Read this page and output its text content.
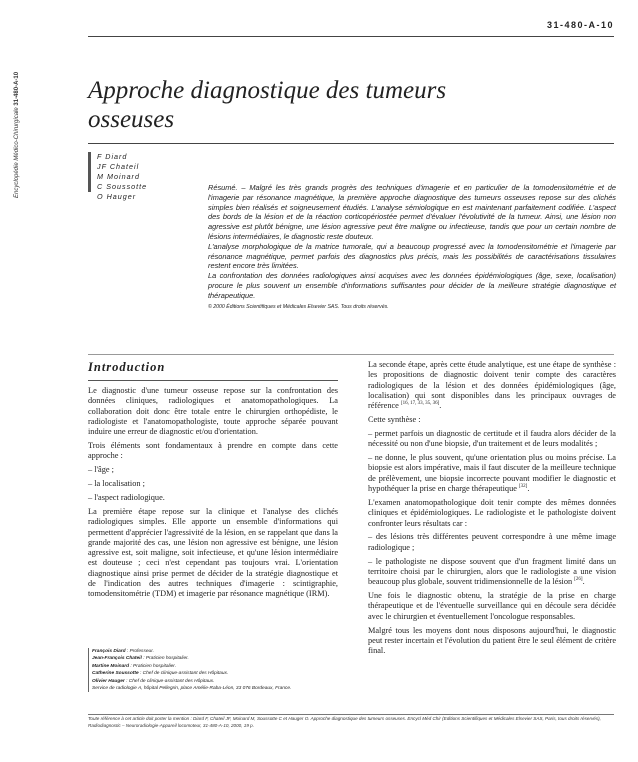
Encyclopédie Médico-Chirurgicale 31-480-A-10
31-480-A-10
Approche diagnostique des tumeurs osseuses
F Diard
JF Chateil
M Moinard
C Soussotte
O Hauger

Résumé. – Malgré les très grands progrès des techniques d'imagerie et en particulier de la tomodensitométrie et de l'imagerie par résonance magnétique, la première approche diagnostique des tumeurs osseuses repose sur des clichés simples bien réalisés et soigneusement étudiés. L'analyse sémiologique en est maintenant parfaitement codifiée. L'aspect des bords de la lésion et de la réaction corticopériostée permet d'évaluer l'évolutivité de la tumeur. Ainsi, une lésion non agressive est plutôt bénigne, une lésion agressive peut être maligne ou infectieuse, tandis que pour un certain nombre de lésions intermédiaires, le diagnostic reste douteux.

L'analyse morphologique de la matrice tumorale, qui a beaucoup progressé avec la tomodensitométrie et l'imagerie par résonance magnétique, permet parfois des diagnostics plus précis, mais les possibilités de caractérisations tissulaires restent encore très limitées.

La confrontation des données radiologiques ainsi acquises avec les données épidémiologiques (âge, sexe, localisation) procure le plus souvent un ensemble d'informations suffisantes pour décider de la meilleure stratégie diagnostique et thérapeutique.

© 2000 Éditions Scientifiques et Médicales Elsevier SAS. Tous droits réservés.

Introduction

Le diagnostic d'une tumeur osseuse repose sur la confrontation des données cliniques, radiologiques et anatomopathologiques. La collaboration doit donc être totale entre le chirurgien orthopédiste, le radiologiste et l'anatomopathologiste, toute approche séparée pouvant induire une erreur de diagnostic et/ou d'orientation.

Trois éléments sont fondamentaux à prendre en compte dans cette approche :

– l'âge ;

– la localisation ;

– l'aspect radiologique.

La première étape repose sur la clinique et l'analyse des clichés radiologiques simples. Elle apporte un ensemble d'informations qui permettent d'apprécier l'agressivité de la lésion, en se rappelant que dans la grande majorité des cas, une lésion non agressive est bénigne, une lésion agressive est, soit maligne, soit infectieuse, et qu'une lésion intermédiaire est douteuse ; ceci n'est cependant pas toujours vrai. L'orientation diagnostique ainsi prise permet de décider de la stratégie diagnostique et de l'indication des autres techniques d'imagerie : scintigraphie, tomodensitométrie (TDM) et imagerie par résonance magnétique (IRM).

La seconde étape, après cette étude analytique, est une étape de synthèse : les propositions de diagnostic doivent tenir compte des caractères radiologiques de la lésion et des données épidémiologiques (âge, localisation) qui sont disponibles dans les principaux ouvrages de référence [16, 17, 33, 35, 36].

Cette synthèse :

– permet parfois un diagnostic de certitude et il faudra alors décider de la nécessité ou non d'une biopsie, d'un traitement et de leurs modalités ;

– ne donne, le plus souvent, qu'une orientation plus ou moins précise. La biopsie est alors impérative, mais il faut discuter de la meilleure technique de prélèvement, une biopsie incorrecte pouvant modifier le diagnostic et hypothéquer la prise en charge thérapeutique [32].

L'examen anatomopathologique doit tenir compte des mêmes données cliniques et épidémiologiques. Le radiologiste et le pathologiste doivent confronter leurs résultats car :

– des lésions très différentes peuvent correspondre à une même image radiologique ;

– le pathologiste ne dispose souvent que d'un fragment limité dans un territoire choisi par le chirurgien, alors que le radiologiste a une vision beaucoup plus globale, souvent tridimensionnelle de la lésion [26].

Une fois le diagnostic obtenu, la stratégie de la prise en charge thérapeutique et de l'éventuelle surveillance qui en découle sera décidée avec le chirurgien et éventuellement l'oncologue responsables.

Malgré tous les moyens dont nous disposons aujourd'hui, le diagnostic peut rester incertain et l'évolution du patient être le seul élément de critère final.

François Diard : Professeur.
Jean-François Chateil : Praticien hospitalier.
Martine Moinard : Praticien hospitalier.
Catherine Soussotte : Chef de clinique-assistant des Hôpitaux.
Olivier Hauger : Chef de clinique-assistant des Hôpitaux.
Service de radiologie A, hôpital Pellegrin, place Amélie-Raba-Léon, 33 076 Bordeaux, France.
Toute référence à cet article doit porter la mention : Diard F, Chateil JF, Moinard M, Soussotte C et Hauger O. Approche diagnostique des tumeurs osseuses. Encycl Méd Chir (Editions Scientifiques et Médicales Elsevier SAS, Paris, tous droits réservés), Radiodiagnostic – Neuroradiologie-Appareil locomoteur, 31-480-A-10, 2000, 19 p.
